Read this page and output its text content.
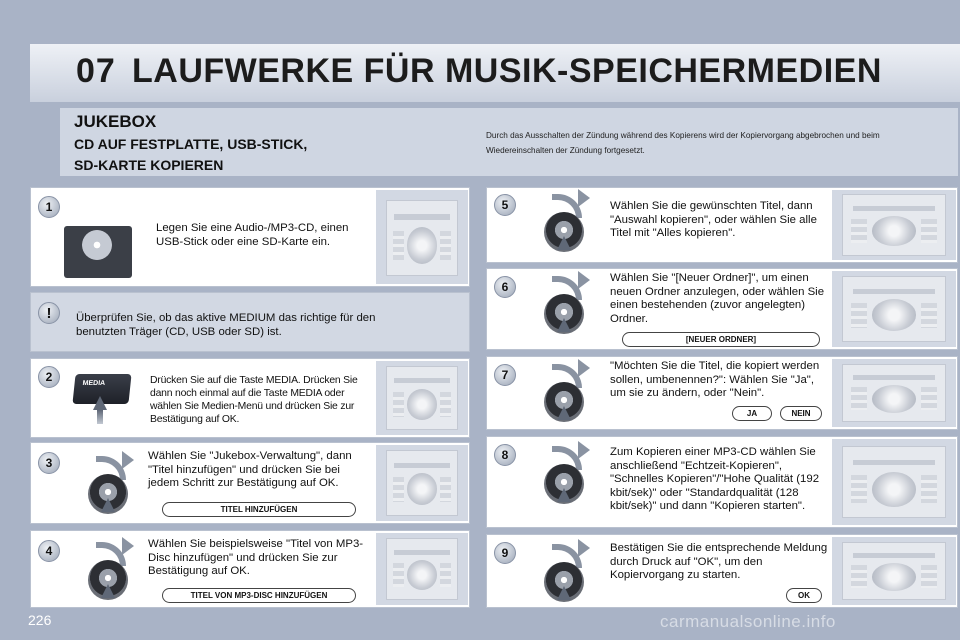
07 LAUFWERKE FÜR MUSIK-SPEICHERMEDIEN
JUKEBOX
CD AUF FESTPLATTE, USB-STICK,
SD-KARTE KOPIEREN
Durch das Ausschalten der Zündung während des Kopierens wird der Kopiervorgang abgebrochen und beim Wiedereinschalten der Zündung fortgesetzt.
1
Legen Sie eine Audio-/MP3-CD, einen USB-Stick oder eine SD-Karte ein.
!	Überprüfen Sie, ob das aktive MEDIUM das richtige für den benutzten Träger (CD, USB oder SD) ist.
2	MEDIA	Drücken Sie auf die Taste MEDIA. Drücken Sie dann noch einmal auf die Taste MEDIA oder wählen Sie Medien-Menü und drücken Sie zur Bestätigung auf OK.
3	Wählen Sie "Jukebox-Verwaltung", dann "Titel hinzufügen" und drücken Sie bei jedem Schritt zur Bestätigung auf OK.
TITEL HINZUFÜGEN
4	Wählen Sie beispielsweise "Titel von MP3-Disc hinzufügen" und drücken Sie zur Bestätigung auf OK.
TITEL VON MP3-DISC HINZUFÜGEN
5	Wählen Sie die gewünschten Titel, dann "Auswahl kopieren", oder wählen Sie alle Titel mit "Alles kopieren".
6
Wählen Sie "[Neuer Ordner]", um einen neuen Ordner anzulegen, oder wählen Sie einen bestehenden (zuvor angelegten) Ordner.
[NEUER ORDNER]
7
"Möchten Sie die Titel, die kopiert werden sollen, umbenennen?": Wählen Sie "Ja", um sie zu ändern, oder "Nein".
JA	NEIN
8	Zum Kopieren einer MP3-CD wählen Sie anschließend "Echtzeit-Kopieren", "Schnelles Kopieren"/"Hohe Qualität (192 kbit/sek)" oder "Standardqualität (128 kbit/sek)" und dann "Kopieren starten".
9	Bestätigen Sie die entsprechende Meldung durch Druck auf "OK", um den Kopiervorgang zu starten.
OK
226	carmanualsonline.info
